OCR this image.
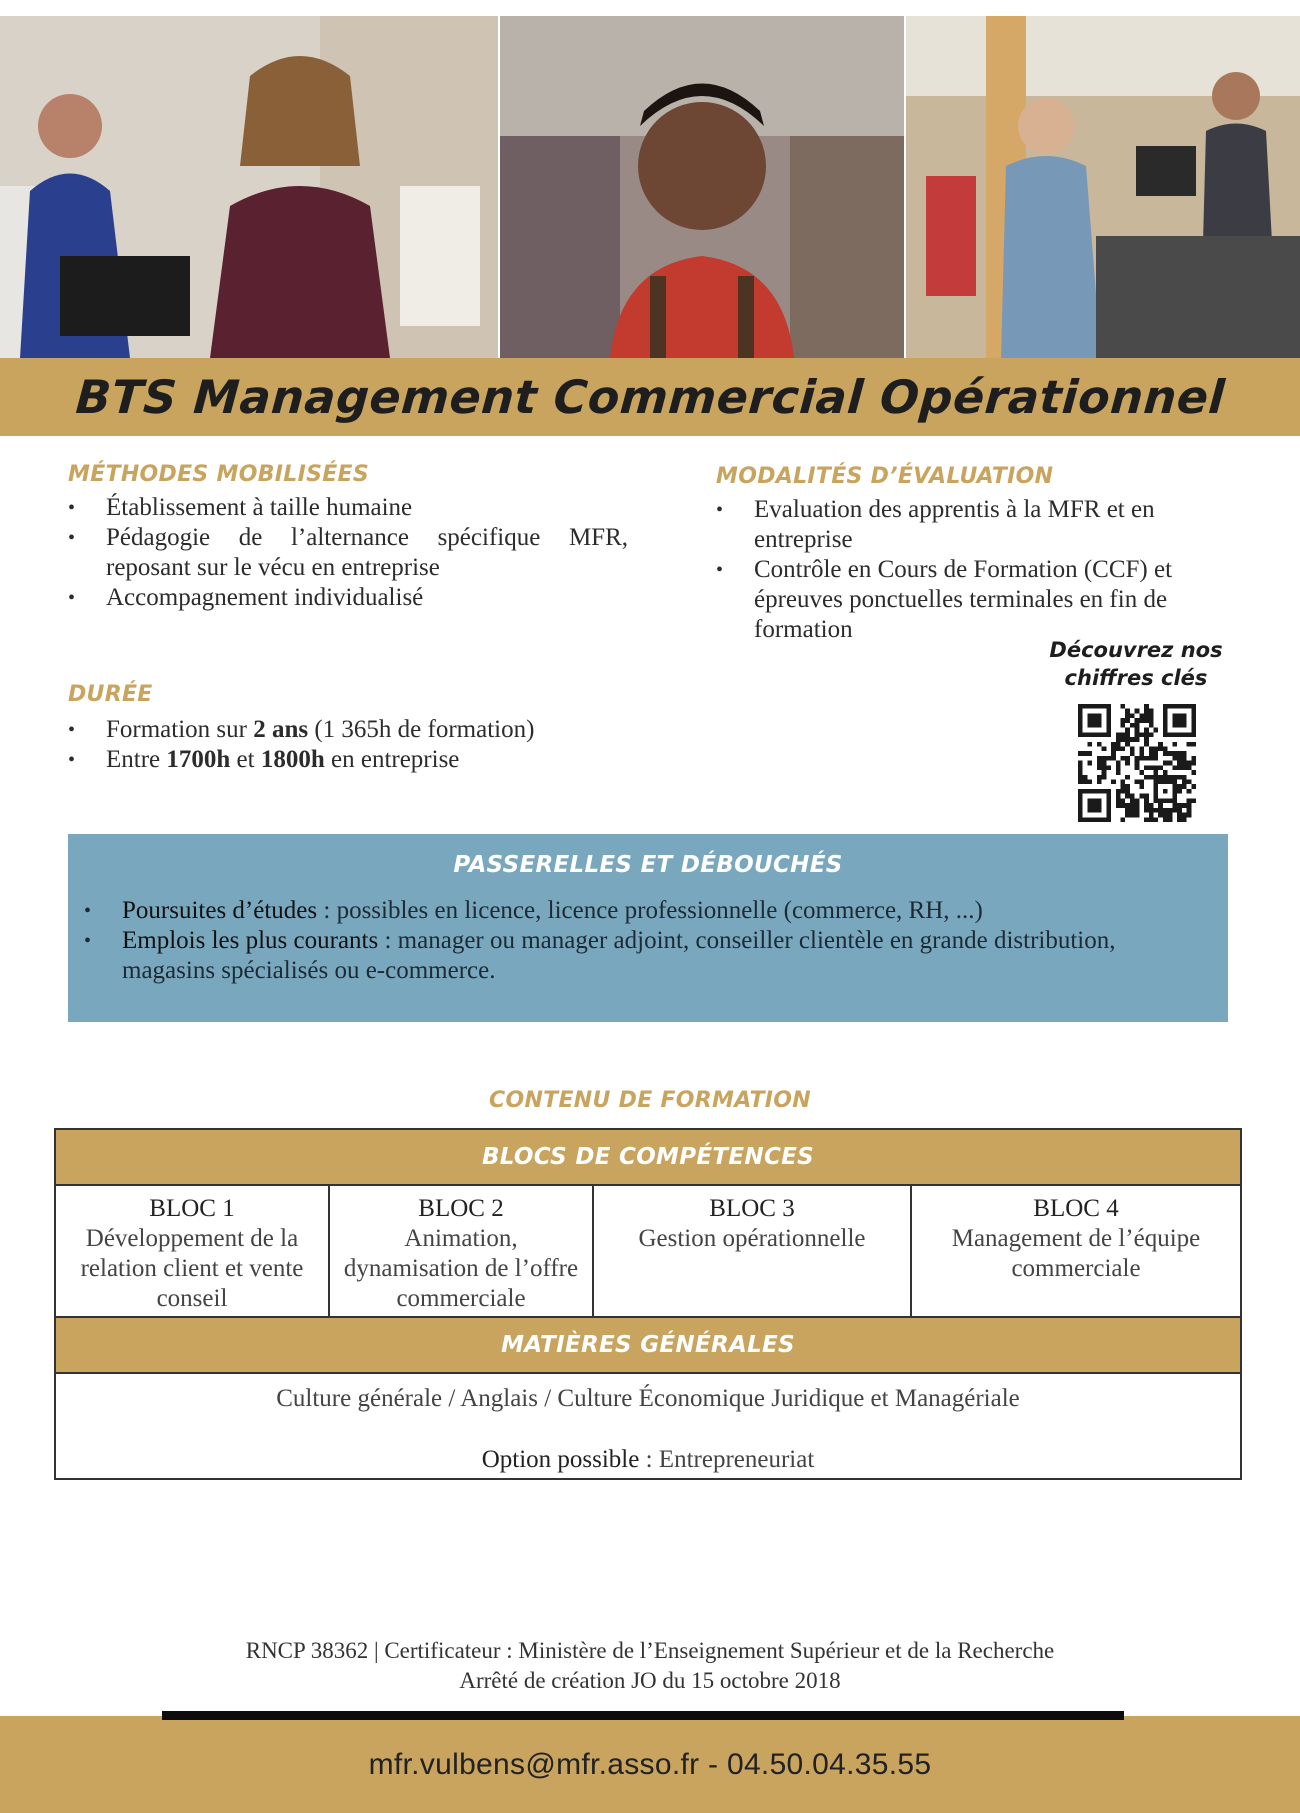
BTS Management Commercial Opérationnel
MÉTHODES MOBILISÉES
• Établissement à taille humaine
• Pédagogie de l’alternance spécifique MFR, reposant sur le vécu en entreprise
• Accompagnement individualisé
MODALITÉS D’ÉVALUATION
• Evaluation des apprentis à la MFR et en entreprise
• Contrôle en Cours de Formation (CCF) et épreuves ponctuelles terminales en fin de formation
DURÉE
• Formation sur 2 ans (1 365h de formation)
• Entre 1700h et 1800h en entreprise
Découvrez nos
chiffres clés
PASSERELLES ET DÉBOUCHÉS
• Poursuites d’études : possibles en licence, licence professionnelle (commerce, RH, ...)
• Emplois les plus courants : manager ou manager adjoint, conseiller clientèle en grande distribution, magasins spécialisés ou e-commerce.
CONTENU DE FORMATION
BLOCS DE COMPÉTENCES
BLOC 1
Développement de la relation client et vente conseil
BLOC 2
Animation, dynamisation de l’offre commerciale
BLOC 3
Gestion opérationnelle
BLOC 4
Management de l’équipe commerciale
MATIÈRES GÉNÉRALES
Culture générale / Anglais / Culture Économique Juridique et Managériale
Option possible : Entrepreneuriat
RNCP 38362 | Certificateur : Ministère de l’Enseignement Supérieur et de la Recherche
Arrêté de création JO du 15 octobre 2018
mfr.vulbens@mfr.asso.fr - 04.50.04.35.55
